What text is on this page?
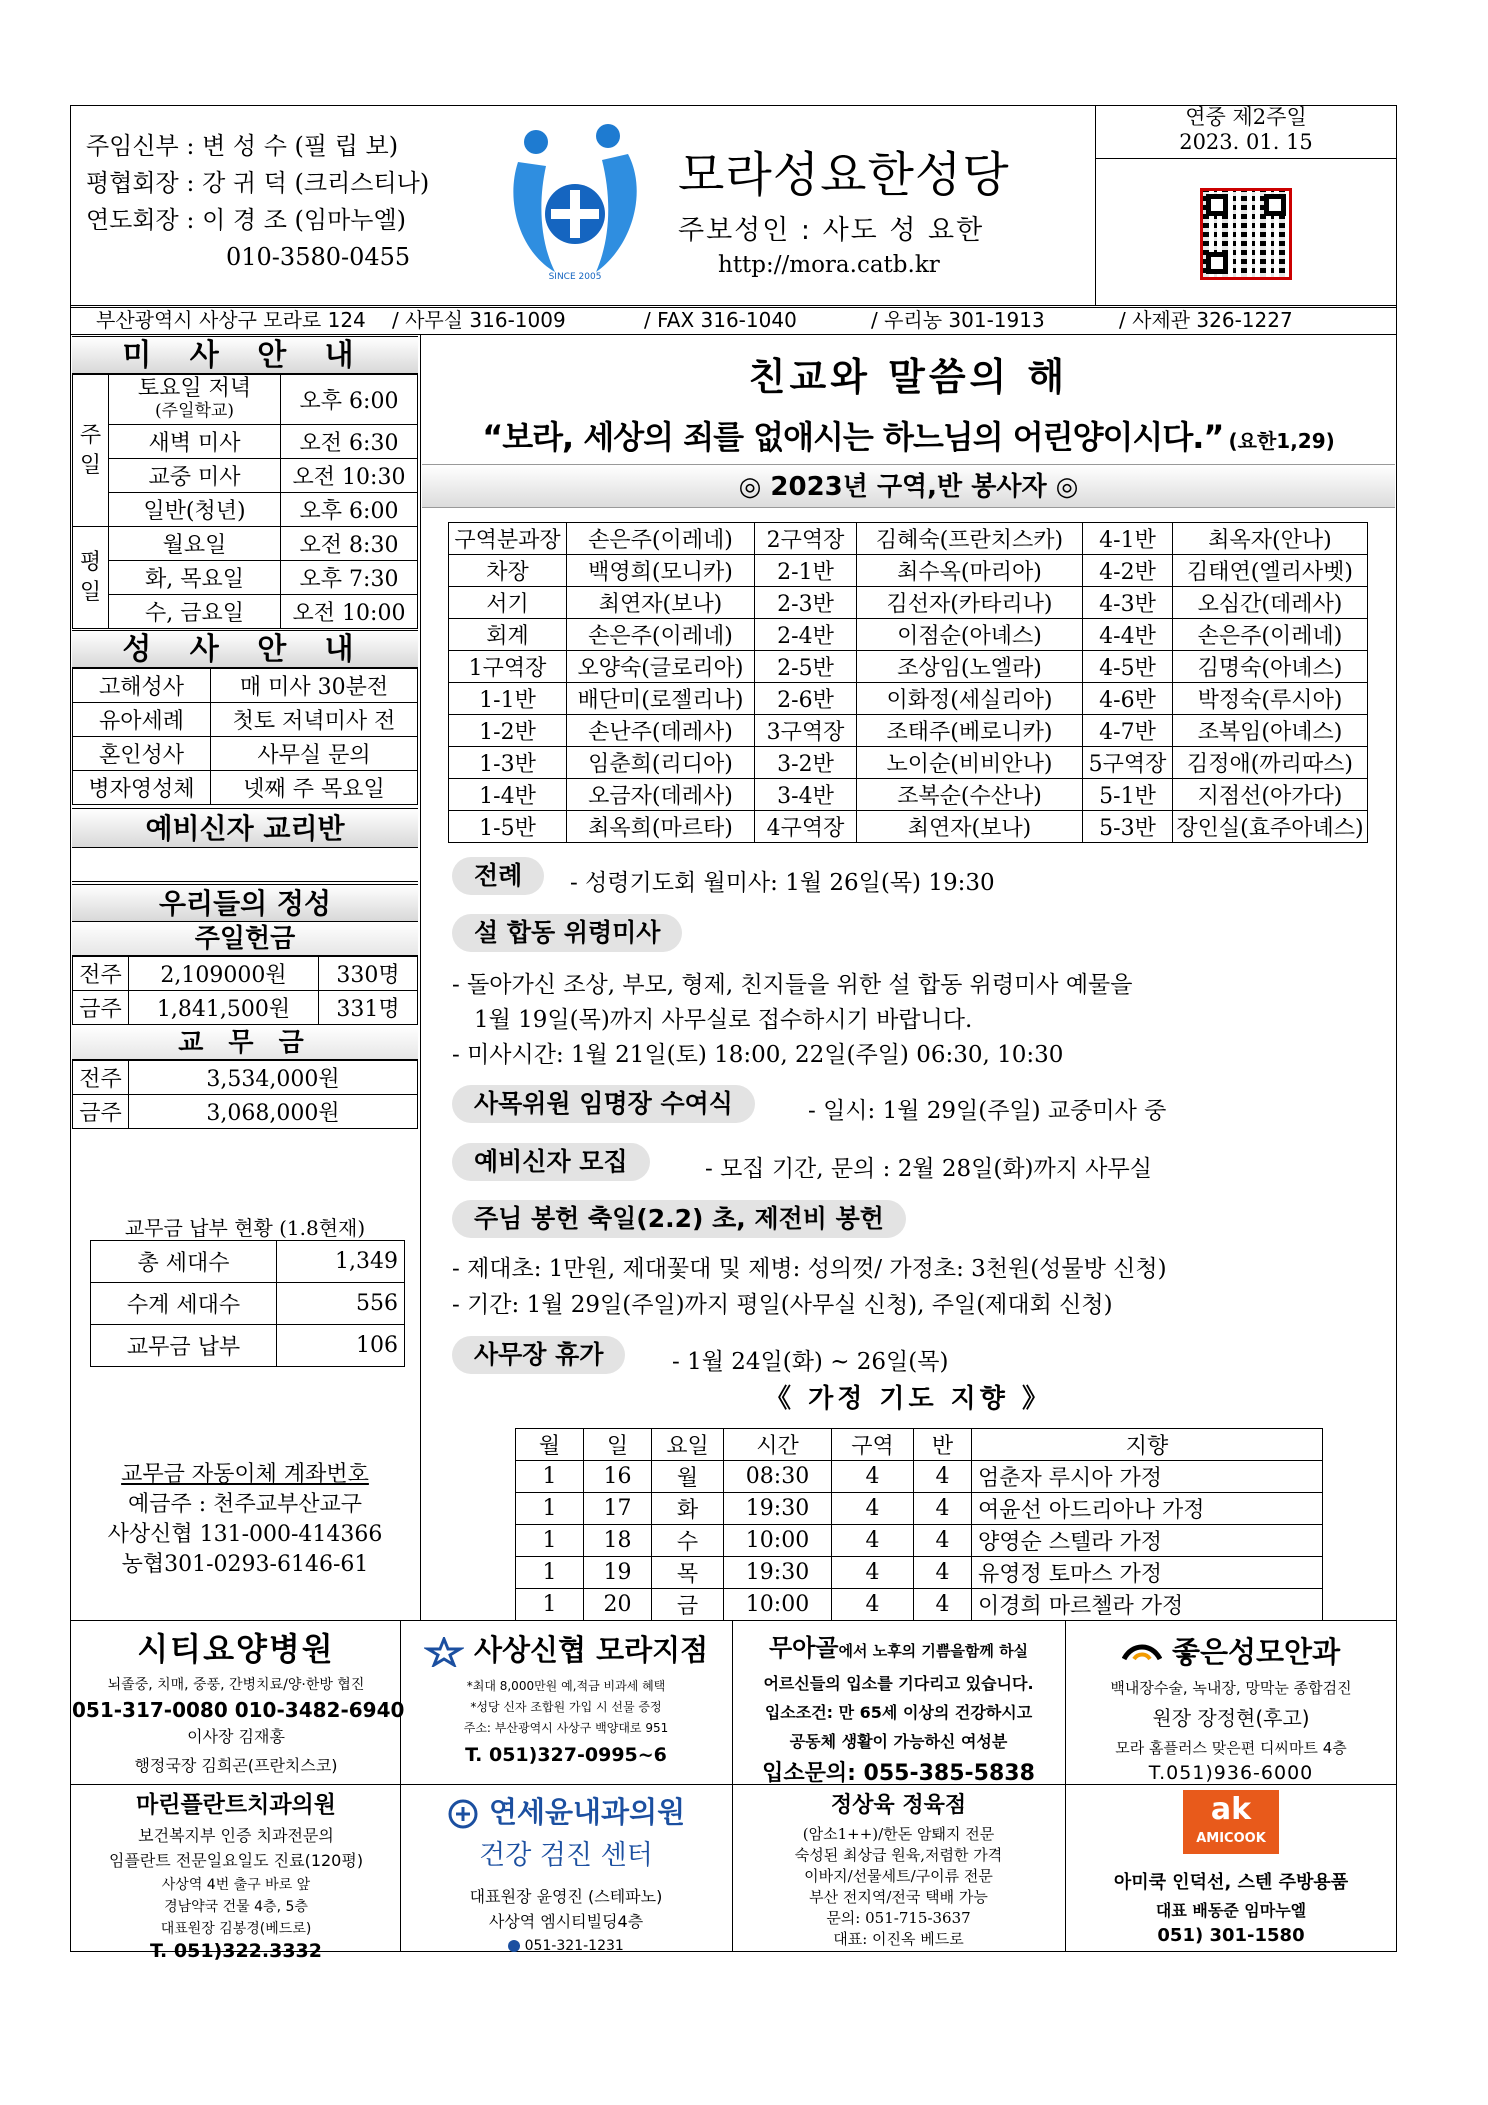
주임신부 : 변 성 수 (필 립 보)
평협회장 : 강 귀 덕 (크리스티나)
연도회장 : 이 경 조 (임마누엘)
010-3580-0455
SINCE 2005
모라성요한성당
주보성인 : 사도 성 요한
http://mora.catb.kr
연중 제2주일
2023. 01. 15
부산광역시 사상구 모라로 124 / 사무실 316-1009	/ FAX 316-1040	/ 우리농 301-1913	/ 사제관 326-1227
미 사 안 내
주일	토요일 저녁
(주일학교)	오후 6:00
	새벽 미사	오전 6:30
	교중 미사	오전 10:30
	일반(청년)	오후 6:00
평일	월요일	오전 8:30
	화, 목요일	오후 7:30
	수, 금요일	오전 10:00
성 사 안 내
고해성사	매 미사 30분전
유아세례	첫토 저녁미사 전
혼인성사	사무실 문의
병자영성체	넷째 주 목요일
예비신자 교리반
우리들의 정성
주일헌금
전주	2,109000원	330명
금주	1,841,500원	331명
교 무 금
전주	3,534,000원
금주	3,068,000원
교무금 납부 현황 (1.8현재)
총 세대수	1,349
수계 세대수	556
교무금 납부	106
교무금 자동이체 계좌번호
예금주 : 천주교부산교구
사상신협 131-000-414366
농협301-0293-6146-61
친교와 말씀의 해
“보라, 세상의 죄를 없애시는 하느님의 어린양이시다.” (요한1,29)
◎ 2023년 구역,반 봉사자 ◎
구역분과장	손은주(이레네)	2구역장	김혜숙(프란치스카)	4-1반	최옥자(안나)
차장	백영희(모니카)	2-1반	최수옥(마리아)	4-2반	김태연(엘리사벳)
서기	최연자(보나)	2-3반	김선자(카타리나)	4-3반	오심간(데레사)
회계	손은주(이레네)	2-4반	이점순(아녜스)	4-4반	손은주(이레네)
1구역장	오양숙(글로리아)	2-5반	조상임(노엘라)	4-5반	김명숙(아녜스)
1-1반	배단미(로젤리나)	2-6반	이화정(세실리아)	4-6반	박정숙(루시아)
1-2반	손난주(데레사)	3구역장	조태주(베로니카)	4-7반	조복임(아녜스)
1-3반	임춘희(리디아)	3-2반	노이순(비비안나)	5구역장	김정애(까리따스)
1-4반	오금자(데레사)	3-4반	조복순(수산나)	5-1반	지점선(아가다)
1-5반	최옥희(마르타)	4구역장	최연자(보나)	5-3반	장인실(효주아녜스)
전례	- 성령기도회 월미사: 1월 26일(목) 19:30
설 합동 위령미사
- 돌아가신 조상, 부모, 형제, 친지들을 위한 설 합동 위령미사 예물을
1월 19일(목)까지 사무실로 접수하시기 바랍니다.
- 미사시간: 1월 21일(토) 18:00, 22일(주일) 06:30, 10:30
사목위원 임명장 수여식	- 일시: 1월 29일(주일) 교중미사 중
예비신자 모집	- 모집 기간, 문의 : 2월 28일(화)까지 사무실
주님 봉헌 축일(2.2) 초, 제전비 봉헌
- 제대초: 1만원, 제대꽃대 및 제병: 성의껏/ 가정초: 3천원(성물방 신청)
- 기간: 1월 29일(주일)까지 평일(사무실 신청), 주일(제대회 신청)
사무장 휴가	- 1월 24일(화) ~ 26일(목)
《 가정 기도 지향 》
월	일	요일	시간	구역	반	지향
1	16	월	08:30	4	4	엄춘자 루시아 가정
1	17	화	19:30	4	4	여윤선 아드리아나 가정
1	18	수	10:00	4	4	양영순 스텔라 가정
1	19	목	19:30	4	4	유영정 토마스 가정
1	20	금	10:00	4	4	이경희 마르첼라 가정
시티요양병원
뇌졸중, 치매, 중풍, 간병치료/양·한방 협진
051-317-0080 010-3482-6940
이사장 김재홍
행정국장 김희곤(프란치스코)
사상신협 모라지점
*최대 8,000만원 예,적금 비과세 혜택
*성당 신자 조합원 가입 시 선물 증정
주소: 부산광역시 사상구 백양대로 951
T. 051)327-0995~6
무아골에서 노후의 기쁨을함께 하실
어르신들의 입소를 기다리고 있습니다.
입소조건: 만 65세 이상의 건강하시고
공동체 생활이 가능하신 여성분
입소문의: 055-385-5838
좋은성모안과
백내장수술, 녹내장, 망막눈 종합검진
원장 장정현(후고)
모라 홈플러스 맞은편 디씨마트 4층
T.051)936-6000
마린플란트치과의원
보건복지부 인증 치과전문의
임플란트 전문일요일도 진료(120평)
사상역 4번 출구 바로 앞
경남약국 건물 4층, 5층
대표원장 김봉경(베드로)
T. 051)322.3332
연세윤내과의원
건강 검진 센터
대표원장 윤영진 (스테파노)
사상역 엠시티빌딩4층
051-321-1231
정상육 정육점
(암소1++)/한돈 암퇘지 전문
숙성된 최상급 원육,저렴한 가격
이바지/선물세트/구이류 전문
부산 전지역/전국 택배 가능
문의: 051-715-3637
대표: 이진옥 베드로
ak
AMICOOK
아미쿡 인덕선, 스텐 주방용품
대표 배동준 임마누엘
051) 301-1580
